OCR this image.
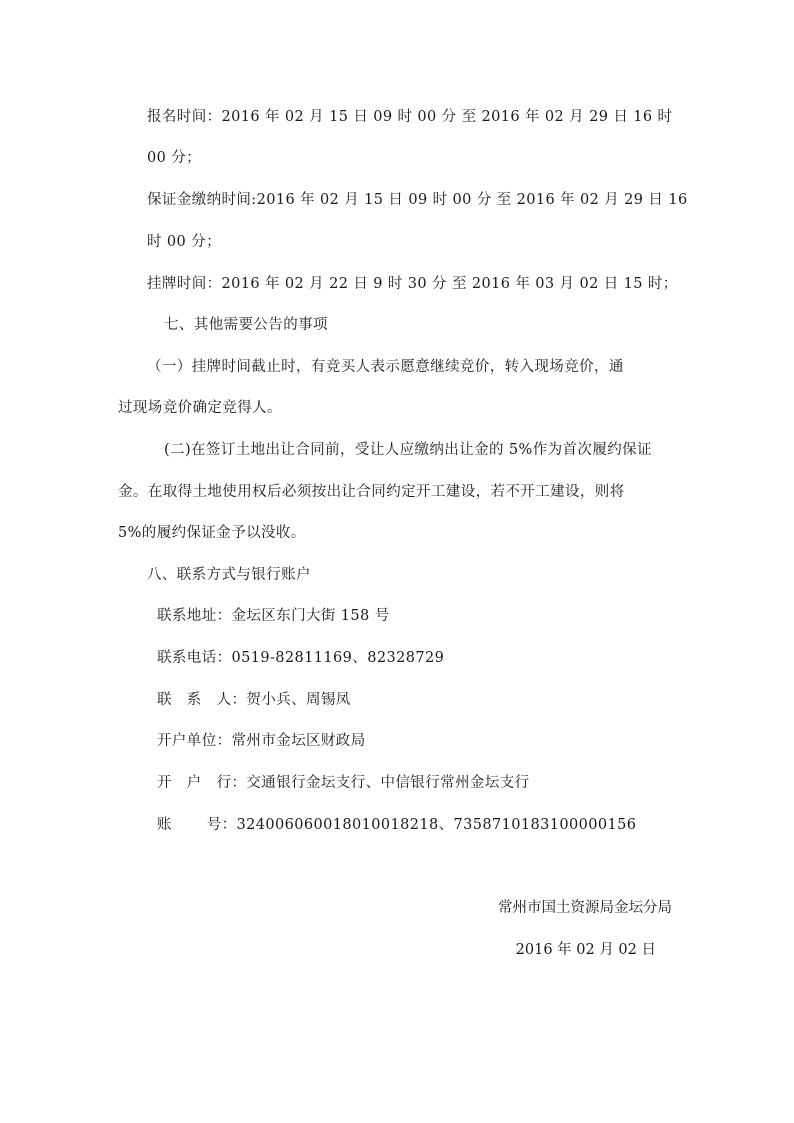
报名时间：2016 年 02 月 15 日 09 时 00 分 至 2016 年 02 月 29 日 16 时
00 分；
保证金缴纳时间:2016 年 02 月 15 日 09 时 00 分 至 2016 年 02 月 29 日 16
时 00 分；
挂牌时间：2016 年 02 月 22 日 9 时 30 分 至 2016 年 03 月 02 日 15 时；
七、其他需要公告的事项
（一）挂牌时间截止时，有竞买人表示愿意继续竞价，转入现场竞价，通
过现场竞价确定竞得人。
(二)在签订土地出让合同前，受让人应缴纳出让金的 5%作为首次履约保证
金。在取得土地使用权后必须按出让合同约定开工建设，若不开工建设，则将
5%的履约保证金予以没收。
八、联系方式与银行账户
联系地址：金坛区东门大街 158 号
联系电话：0519-82811169、82328729
联　系　人：贺小兵、周锡凤
开户单位：常州市金坛区财政局
开　户　行：交通银行金坛支行、中信银行常州金坛支行
账　　 号：324006060018010018218、7358710183100000156
常州市国土资源局金坛分局
2016 年 02 月 02 日
